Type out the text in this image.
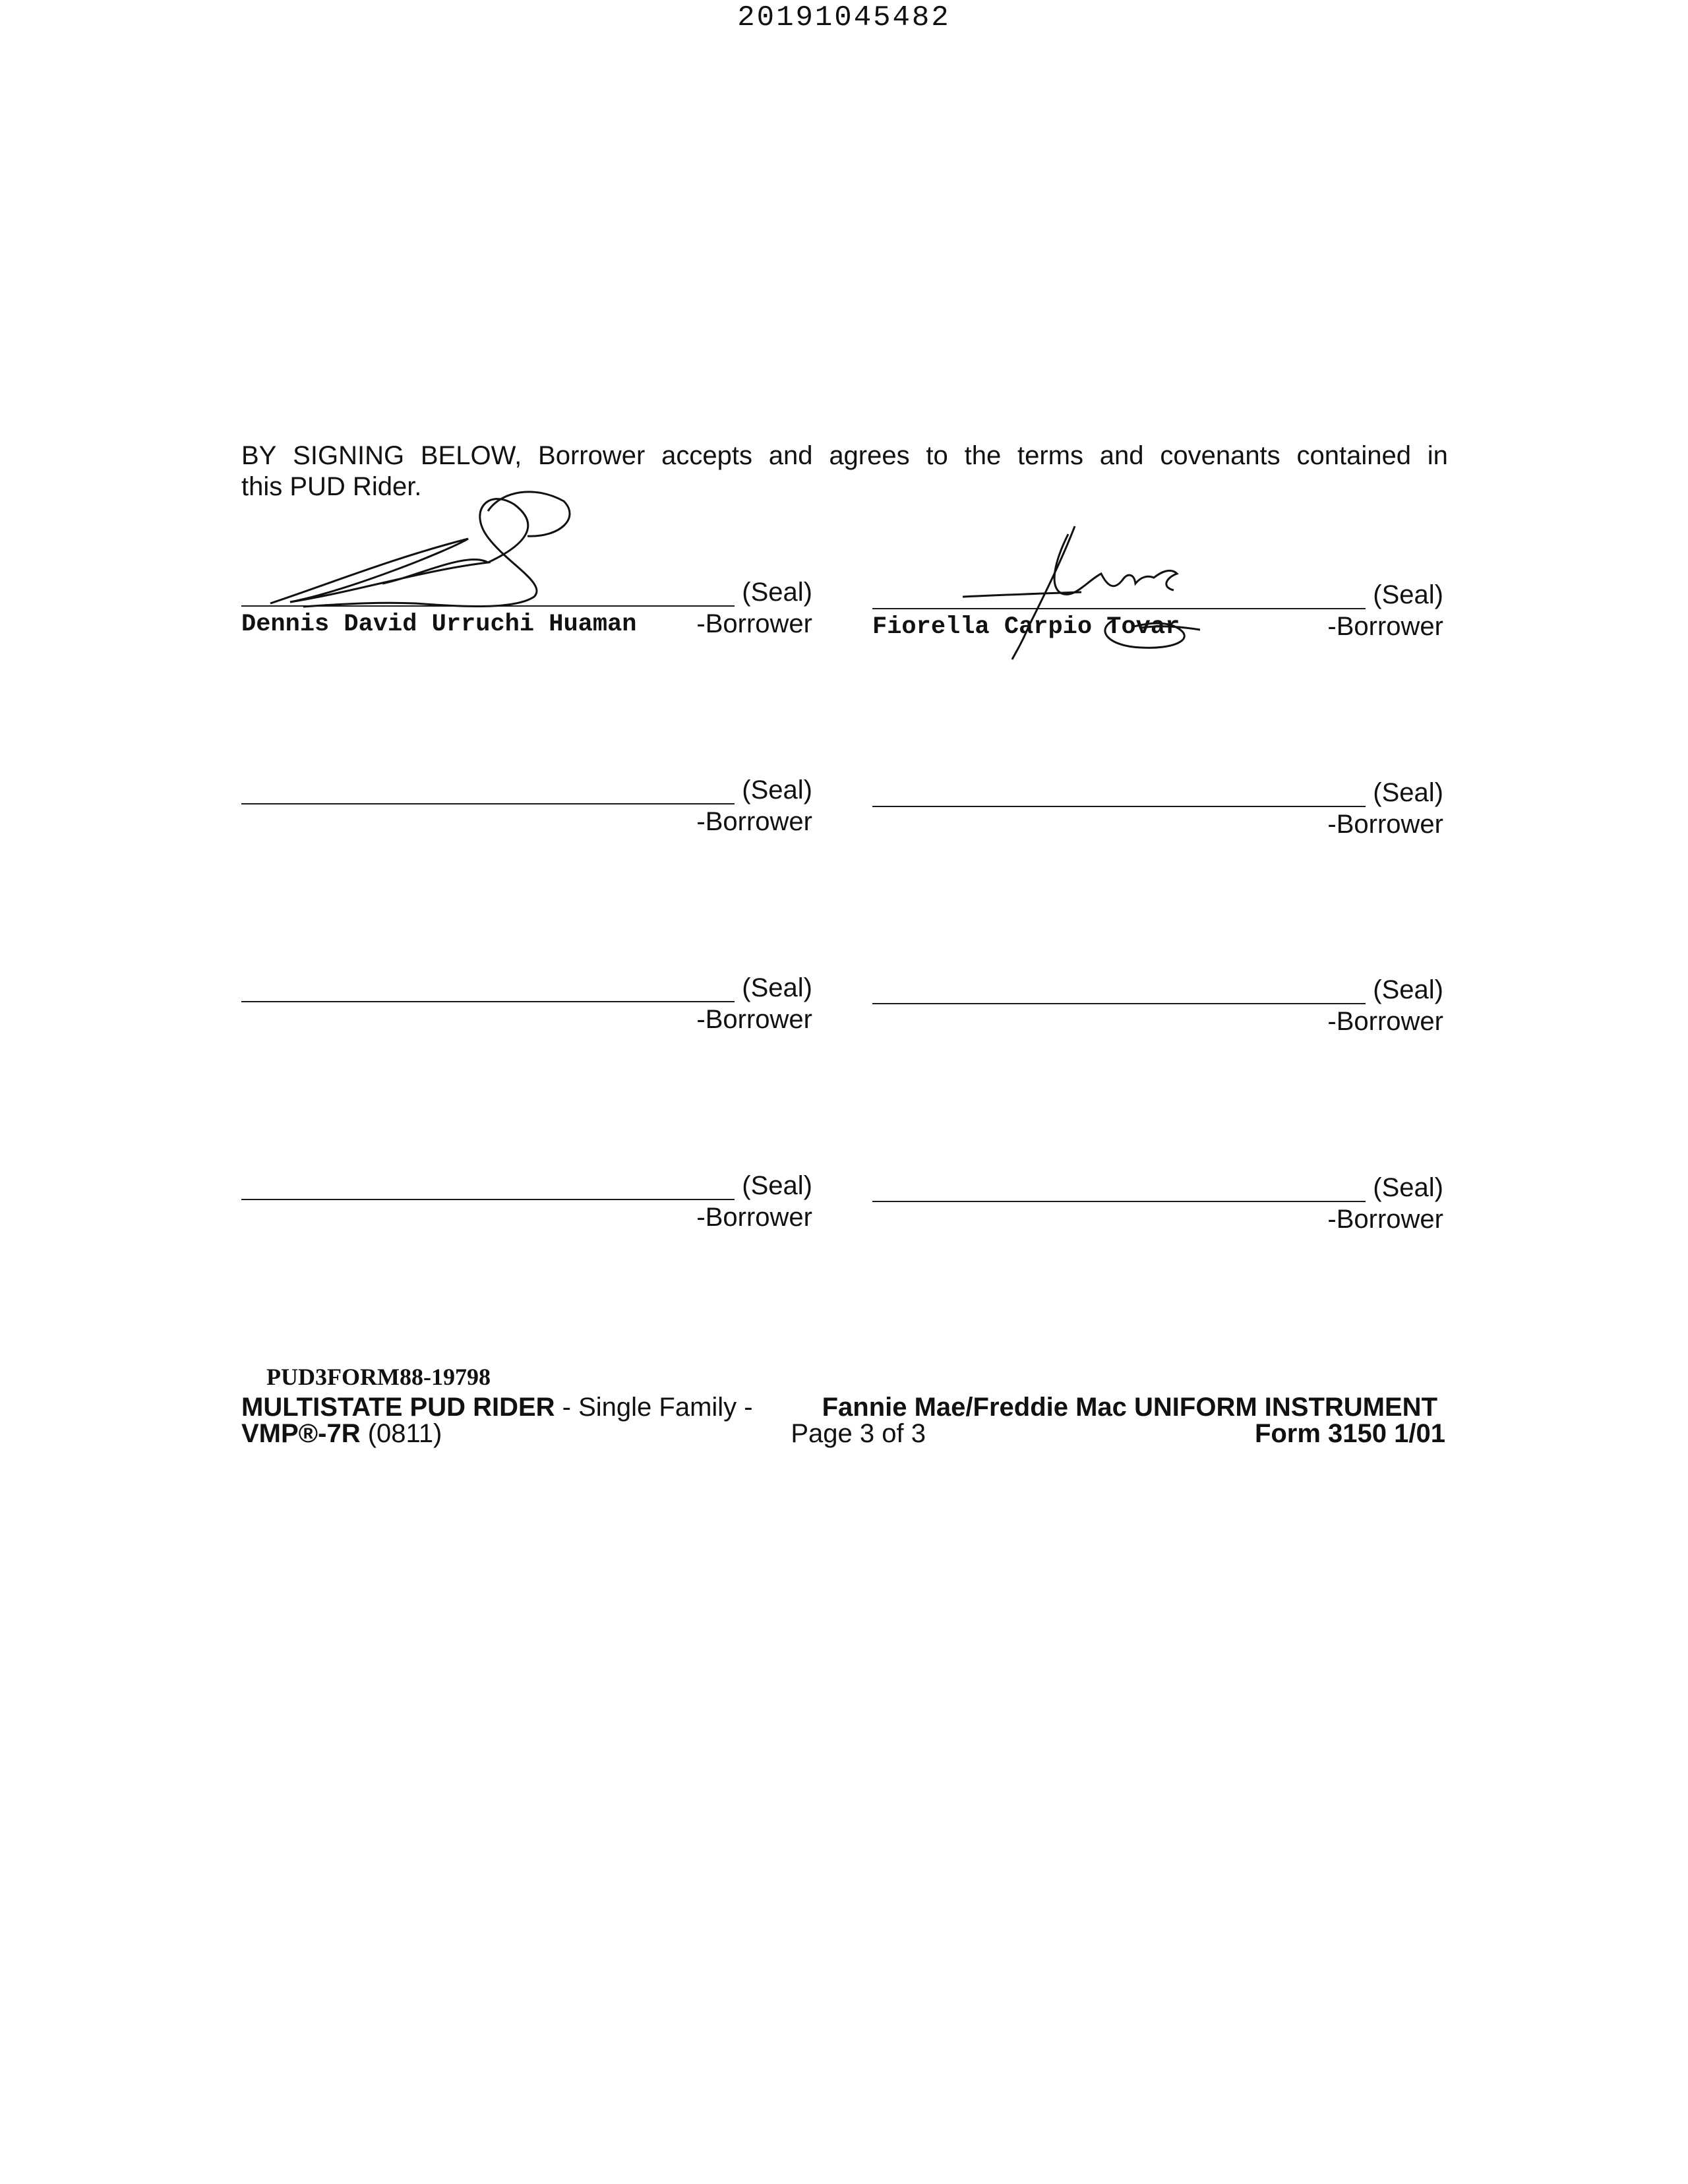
20191045482
BY SIGNING BELOW, Borrower accepts and agrees to the terms and covenants contained in
this PUD Rider.
(Seal)
Dennis David Urruchi Huaman -Borrower
(Seal)
Fiorella Carpio Tovar	-Borrower
(Seal)
-Borrower
(Seal)
-Borrower
(Seal)
-Borrower
(Seal)
-Borrower
(Seal)
-Borrower
(Seal)
-Borrower
PUD3FORM88-19798
MULTISTATE PUD RIDER - Single Family - Fannie Mae/Freddie Mac UNIFORM INSTRUMENT
VMP®-7R (0811)	Page 3 of 3	Form 3150 1/01
